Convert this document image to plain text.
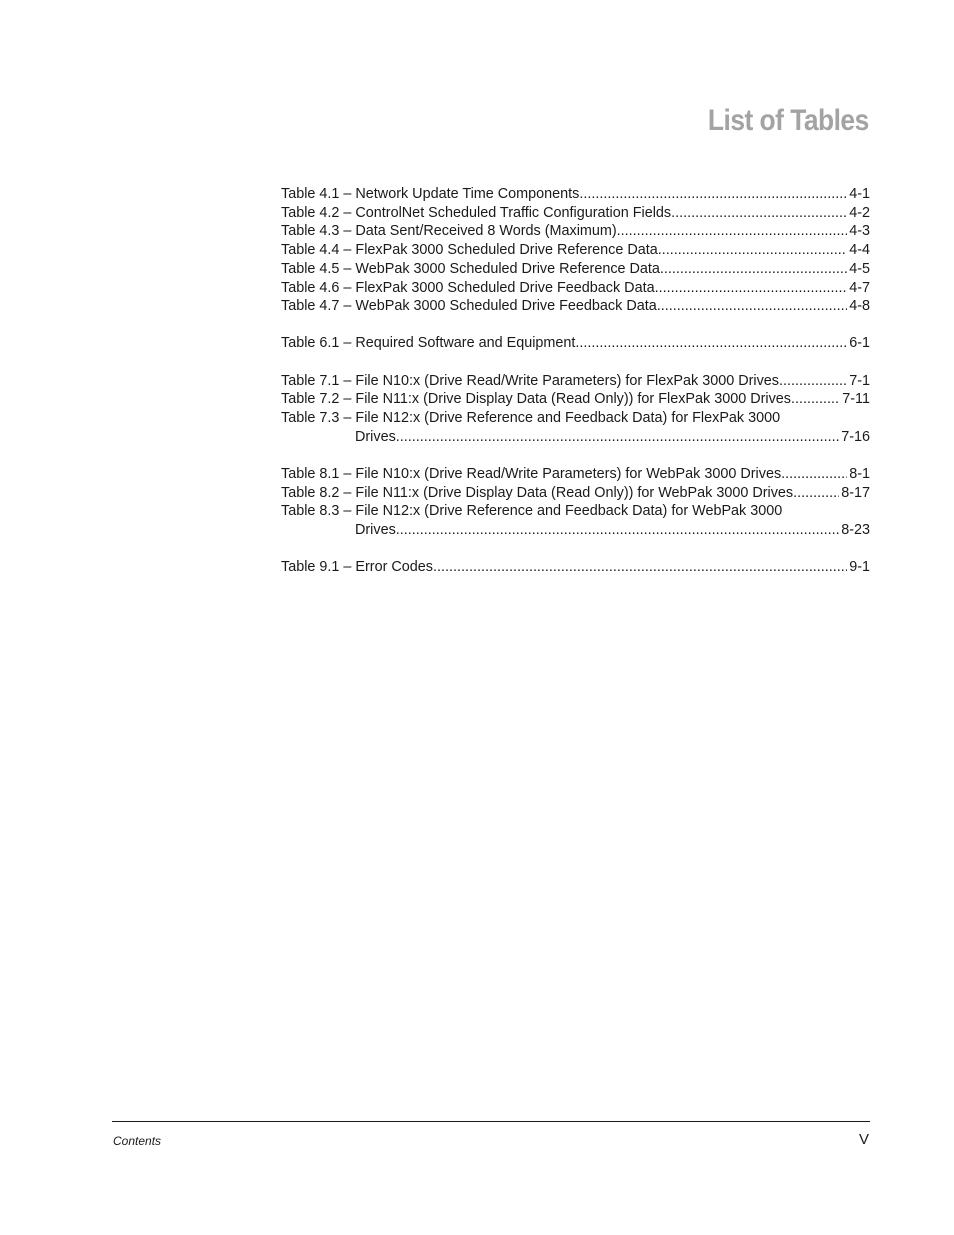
List of Tables
Table 4.1 – Network Update Time Components .....	4-1
Table 4.2 – ControlNet Scheduled Traffic Configuration Fields .....	4-2
Table 4.3 – Data Sent/Received 8 Words (Maximum) .....	4-3
Table 4.4 – FlexPak 3000 Scheduled Drive Reference Data .....	4-4
Table 4.5 – WebPak 3000 Scheduled Drive Reference Data .....	4-5
Table 4.6 – FlexPak 3000 Scheduled Drive Feedback Data .....	4-7
Table 4.7 – WebPak 3000 Scheduled Drive Feedback Data .....	4-8
Table 6.1 – Required Software and Equipment .....	6-1
Table 7.1 – File N10:x (Drive Read/Write Parameters) for FlexPak 3000 Drives .....	7-1
Table 7.2 – File N11:x (Drive Display Data (Read Only)) for FlexPak 3000 Drives .....	7-11
Table 7.3 – File N12:x (Drive Reference and Feedback Data) for FlexPak 3000
Drives .....	7-16
Table 8.1 – File N10:x (Drive Read/Write Parameters) for WebPak 3000 Drives .....	8-1
Table 8.2 – File N11:x (Drive Display Data (Read Only)) for WebPak 3000 Drives .....	8-17
Table 8.3 – File N12:x (Drive Reference and Feedback Data) for WebPak 3000
Drives .....	8-23
Table 9.1 – Error Codes .....	9-1
Contents	V
